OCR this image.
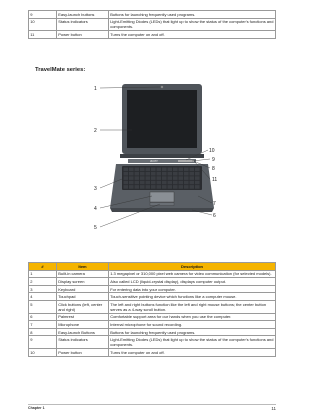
9	Easy-launch buttons	Buttons for launching frequently used programs.
10	Status indicators	Light-Emitting Diodes (LEDs) that light up to show the status of the computer's functions and components.
11	Power button	Turns the computer on and off.
TravelMate series:
acer
1
2
3
4
5
6
7
8
9
10
11
#	Item	Description
1	Built-in camera	1.3 megapixel or 310,000 pixel web camera for video communication (for selected models).
2	Display screen	Also called LCD (liquid-crystal display), displays computer output.
3	Keyboard	For entering data into your computer.
4	Touchpad	Touch-sensitive pointing device which functions like a computer mouse.
5	Click buttons (left, center and right)	The left and right buttons function like the left and right mouse buttons; the center button serves as a 4-way scroll button.
6	Palmrest	Comfortable support area for our hands when you use the computer.
7	Microphone	Internal microphone for sound recording.
8	Easy-launch Buttons	Buttons for launching frequently used programs.
9	Status indicators	Light-Emitting Diodes (LEDs) that light up to show the status of the computer's functions and components.
10	Power button	Turns the computer on and off.
Chapter 1	11
